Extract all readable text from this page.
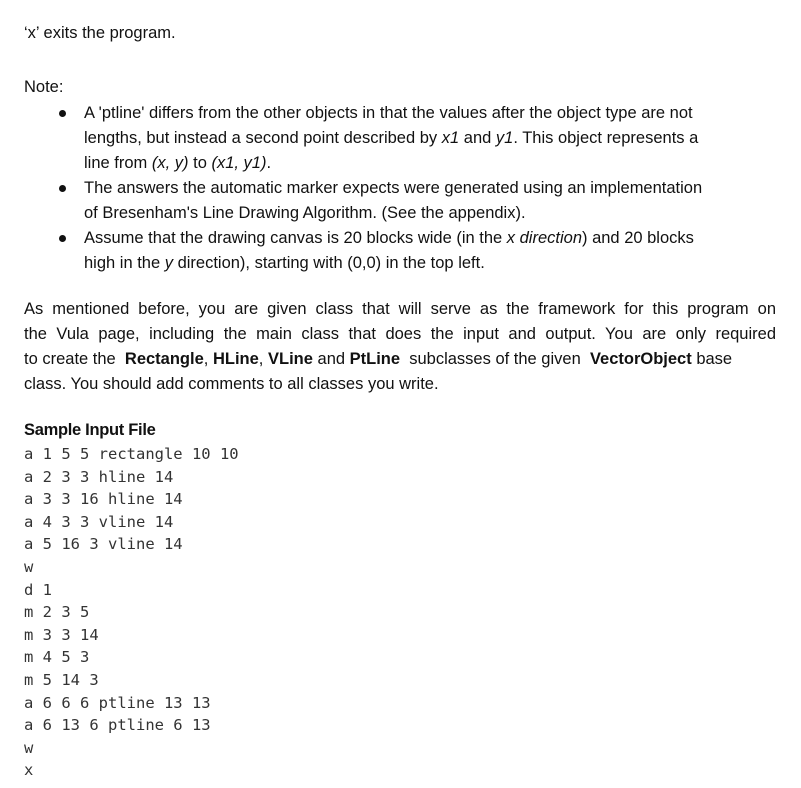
‘x’ exits the program.
Note:
A 'ptline' differs from the other objects in that the values after the object type are not
lengths, but instead a second point described by x1 and y1. This object represents a
line from (x, y) to (x1, y1).
The answers the automatic marker expects were generated using an implementation
of Bresenham's Line Drawing Algorithm. (See the appendix).
Assume that the drawing canvas is 20 blocks wide (in the x direction) and 20 blocks
high in the y direction), starting with (0,0) in the top left.
As mentioned before, you are given class that will serve as the framework for this program on
the Vula page, including the main class that does the input and output. You are only required
to create the Rectangle, HLine, VLine and PtLine subclasses of the given VectorObject base
class. You should add comments to all classes you write.
Sample Input File
a 1 5 5 rectangle 10 10
a 2 3 3 hline 14
a 3 3 16 hline 14
a 4 3 3 vline 14
a 5 16 3 vline 14
w
d 1
m 2 3 5
m 3 3 14
m 4 5 3
m 5 14 3
a 6 6 6 ptline 13 13
a 6 13 6 ptline 6 13
w
x
